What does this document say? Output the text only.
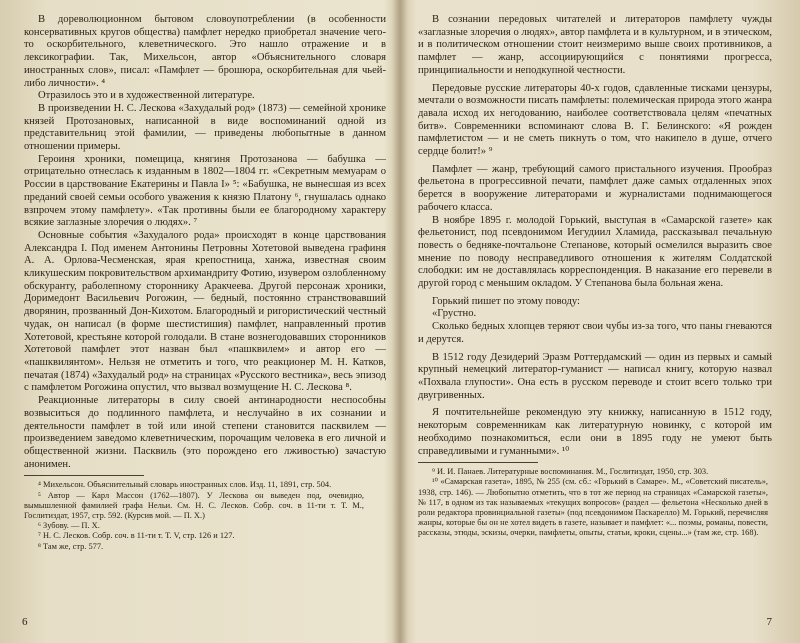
В дореволюционном бытовом словоупотреблении (в особенности консервативных кругов общества) памфлет нередко приобретал значение чего-то оскорбительного, клеветнического. Это нашло отражение и в лексикографии. Так, Михельсон, автор «Объяснительного словаря иностранных слов», писал: «Памфлет — брошюра, оскорбительная для чьей-либо личности». ⁴

Отразилось это и в художественной литературе.

В произведении Н. С. Лескова «Захудалый род» (1873) — семейной хронике князей Протозановых, написанной в виде воспоминаний одной из представительниц этой фамилии, — приведены любопытные в данном отношении примеры.

Героиня хроники, помещица, княгиня Протозанова — бабушка — отрицательно отнеслась к изданным в 1802—1804 гг. «Секретным мемуарам о России в царствование Екатерины и Павла I» ⁵: «Бабушка, не вынесшая из всех преданий своей семьи особого уважения к князю Платону ⁶, гнушалась однако взпрочем этому памфлету». «Так противны были ее благородному характеру всякие заглазные злоречия о людях». ⁷

Основные события «Захудалого рода» происходят в конце царствования Александра I. Под именем Антонины Петровны Хотетовой выведена графиня А. А. Орлова-Чесменская, ярая крепостница, ханжа, известная своим кликушеским покровительством архимандриту Фотию, изувером озлобленному обскуранту, рабoлепному стороннику Аракчеева. Другой персонаж хроники, Доримедонт Васильевич Рогожин, — бедный, постоянно странствовавший дворянин, прозванный Дон-Кихотом. Благородный и ригористический честный чудак, он написал (в форме шестистишия) памфлет, направленный против Хотетовой, крестьяне которой голодали. В стане вознегодовавших сторонников Хотетовой памфлет этот назван был «пашквилем» и автор его — «пашквилянтом». Нельзя не отметить и того, что реакционер М. Н. Катков, печатая (1874) «Захудалый род» на страницах «Русского вестника», весь эпизод с памфлетом Рогожина опустил, что вызвал возмущение Н. С. Лескова ⁸.

Реакционные литераторы в силу своей антинародности неспособны возвыситься до подлинного памфлета, и неслучайно в их сознании и деятельности памфлет в той или иной степени становится пасквилем — произведением заведомо клеветническим, порочащим человека в его личной и общественной жизни. Пасквиль (это порождено его лживостью) зачастую анонимен.

⁴ Михельсон. Объяснительный словарь иностранных слов. Изд. 11, 1891, стр. 504.

⁵ Автор — Карл Массон (1762—1807). У Лескова он выведен под, очевидно, вымышленной фамилией графа Нельи. См. Н. С. Лесков. Собр. соч. в 11-ти т. Т. М., Гослитиздат, 1957, стр. 592. (Курсив мой. — П. Х.)

⁶ Зубову. — П. Х.

⁷ Н. С. Лесков. Собр. соч. в 11-ти т. Т. V, стр. 126 и 127.

⁸ Там же, стр. 577.

6

В сознании передовых читателей и литераторов памфлету чужды «заглазные злоречия о людях», автор памфлета и в культурном, и в этическом, и в политическом отношении стоит неизмеримо выше своих противников, а памфлет — жанр, ассоциирующийся с понятиями прогресса, принципиальности и неподкупной честности.

Передовые русские литераторы 40-х годов, сдавленные тисками цензуры, мечтали о возможности писать памфлеты: полемическая природа этого жанра давала исход их негодованию, наиболее соответствовала целям «печатных битв». Современники вспоминают слова В. Г. Белинского: «Я рожден памфлетистом — и не сметь пикнуть о том, что накипело в душе, отчего сердце болит!» ⁹

Памфлет — жанр, требующий самого пристального изучения. Прообраз фельетона в прогрессивной печати, памфлет даже самых отдаленных эпох берется в вооружение литераторами и журналистами поднимающегося рабочего класса.

В ноябре 1895 г. молодой Горький, выступая в «Самарской газете» как фельетонист, под псевдонимом Иегудиил Хламида, рассказывал печальную повесть о бедняке-почтальоне Степанове, который осмелился выразить свое мнение по поводу несправедливого отношения к жителям Солдатской слободки: им не доставлялась корреспонденция. В наказание его перевели в другой город с меньшим окладом. У Степанова была больная жена.

Горький пишет по этому поводу:

«Грустно.

Сколько бедных хлопцев теряют свои чубы из-за того, что паны гневаются и дерутся.

В 1512 году Дезидерий Эразм Роттердамский — один из первых и самый крупный немецкий литератор-гуманист — написал книгу, которую назвал «Похвала глупости». Она есть в русском переводе и стоит всего только три двугривенных.

Я почтительнейше рекомендую эту книжку, написанную в 1512 году, некоторым современникам как литературную новинку, с которой им необходимо познакомиться, если они в 1895 году не умеют быть справедливыми и гуманными». ¹⁰

⁹ И. И. Панаев. Литературные воспоминания. М., Гослитиздат, 1950, стр. 303.

¹⁰ «Самарская газета», 1895, № 255 (см. сб.: «Горький в Самаре». М., «Советский писатель», 1938, стр. 146). — Любопытно отметить, что в тот же период на страницах «Самарской газеты», № 117, в одном из так называемых «текущих вопросов» (раздел — фельетона «Несколько дней в роли редактора провинциальной газеты» (под псевдонимом Паскарелло) М. Горький, перечисляя жанры, которые бы он не хотел видеть в газете, называет и памфлет: «... поэмы, романы, повести, рассказы, этюды, эскизы, очерки, памфлеты, опыты, статьи, кроки, сцены...» (там же, стр. 168).

7
